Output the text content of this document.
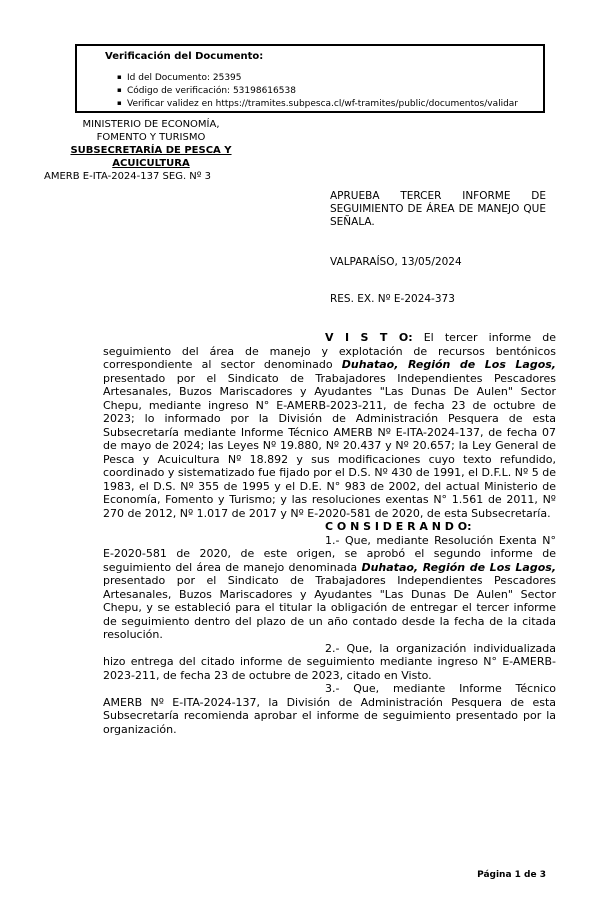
Verificación del Documento:
▪ Id del Documento: 25395
▪ Código de verificación: 53198616538
▪ Verificar validez en https://tramites.subpesca.cl/wf-tramites/public/documentos/validar
MINISTERIO DE ECONOMÍA,
FOMENTO Y TURISMO
SUBSECRETARÍA DE PESCA Y
ACUICULTURA
AMERB E-ITA-2024-137 SEG. Nº 3
APRUEBA TERCER INFORME DE SEGUIMIENTO DE ÁREA DE MANEJO QUE SEÑALA.
VALPARAÍSO, 13/05/2024
RES. EX. Nº E-2024-373

V I S T O: El tercer informe de seguimiento del área de manejo y explotación de recursos bentónicos correspondiente al sector denominado Duhatao, Región de Los Lagos, presentado por el Sindicato de Trabajadores Independientes Pescadores Artesanales, Buzos Mariscadores y Ayudantes "Las Dunas De Aulen" Sector Chepu, mediante ingreso N° E-AMERB-2023-211, de fecha 23 de octubre de 2023; lo informado por la División de Administración Pesquera de esta Subsecretaría mediante Informe Técnico AMERB Nº E-ITA-2024-137, de fecha 07 de mayo de 2024; las Leyes Nº 19.880, Nº 20.437 y Nº 20.657; la Ley General de Pesca y Acuicultura Nº 18.892 y sus modificaciones cuyo texto refundido, coordinado y sistematizado fue fijado por el D.S. Nº 430 de 1991, el D.F.L. Nº 5 de 1983, el D.S. Nº 355 de 1995 y el D.E. N° 983 de 2002, del actual Ministerio de Economía, Fomento y Turismo; y las resoluciones exentas N° 1.561 de 2011, Nº 270 de 2012, Nº 1.017 de 2017 y Nº E-2020-581 de 2020, de esta Subsecretaría.

C O N S I D E R A N D O:

1.- Que, mediante Resolución Exenta N° E-2020-581 de 2020, de este origen, se aprobó el segundo informe de seguimiento del área de manejo denominada Duhatao, Región de Los Lagos, presentado por el Sindicato de Trabajadores Independientes Pescadores Artesanales, Buzos Mariscadores y Ayudantes "Las Dunas De Aulen" Sector Chepu, y se estableció para el titular la obligación de entregar el tercer informe de seguimiento dentro del plazo de un año contado desde la fecha de la citada resolución.

2.- Que, la organización individualizada hizo entrega del citado informe de seguimiento mediante ingreso N° E-AMERB-2023-211, de fecha 23 de octubre de 2023, citado en Visto.

3.- Que, mediante Informe Técnico AMERB Nº E-ITA-2024-137, la División de Administración Pesquera de esta Subsecretaría recomienda aprobar el informe de seguimiento presentado por la organización.

Página 1 de 3
